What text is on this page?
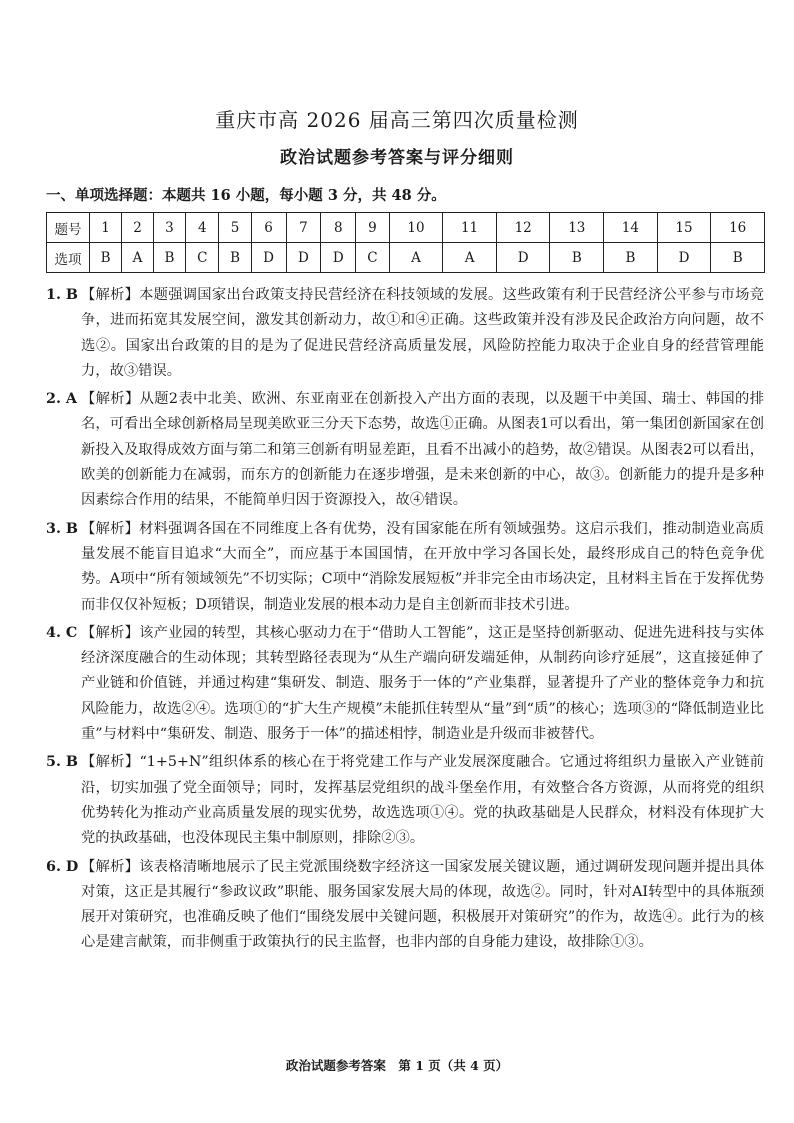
重庆市高 2026 届高三第四次质量检测
政治试题参考答案与评分细则
一、单项选择题：本题共 16 小题，每小题 3 分，共 48 分。
题号	1	2	3	4	5	6	7	8	9	10	11	12	13	14	15	16
选项	B	A	B	C	B	D	D	D	C	A	A	D	B	B	D	B
1. B 【解析】本题强调国家出台政策支持民营经济在科技领域的发展。这些政策有利于民营经济公平参与市场竞争，进而拓宽其发展空间，激发其创新动力，故①和④正确。这些政策并没有涉及民企政治方向问题，故不选②。国家出台政策的目的是为了促进民营经济高质量发展，风险防控能力取决于企业自身的经营管理能力，故③错误。
2. A 【解析】从题2表中北美、欧洲、东亚南亚在创新投入产出方面的表现，以及题干中美国、瑞士、韩国的排名，可看出全球创新格局呈现美欧亚三分天下态势，故选①正确。从图表1可以看出，第一集团创新国家在创新投入及取得成效方面与第二和第三创新有明显差距，且看不出减小的趋势，故②错误。从图表2可以看出，欧美的创新能力在减弱，而东方的创新能力在逐步增强，是未来创新的中心，故③。创新能力的提升是多种因素综合作用的结果，不能简单归因于资源投入，故④错误。
3. B 【解析】材料强调各国在不同维度上各有优势，没有国家能在所有领域强势。这启示我们，推动制造业高质量发展不能盲目追求“大而全”，而应基于本国国情，在开放中学习各国长处，最终形成自己的特色竞争优势。A项中“所有领域领先”不切实际；C项中“消除发展短板”并非完全由市场决定，且材料主旨在于发挥优势而非仅仅补短板；D项错误，制造业发展的根本动力是自主创新而非技术引进。
4. C 【解析】该产业园的转型，其核心驱动力在于“借助人工智能”，这正是坚持创新驱动、促进先进科技与实体经济深度融合的生动体现；其转型路径表现为“从生产端向研发端延伸，从制药向诊疗延展”，这直接延伸了产业链和价值链，并通过构建“集研发、制造、服务于一体的”产业集群，显著提升了产业的整体竞争力和抗风险能力，故选②④。选项①的“扩大生产规模”未能抓住转型从“量”到“质”的核心；选项③的“降低制造业比重”与材料中“集研发、制造、服务于一体”的描述相悖，制造业是升级而非被替代。
5. B 【解析】“1+5+N”组织体系的核心在于将党建工作与产业发展深度融合。它通过将组织力量嵌入产业链前沿，切实加强了党全面领导；同时，发挥基层党组织的战斗堡垒作用，有效整合各方资源，从而将党的组织优势转化为推动产业高质量发展的现实优势，故选选项①④。党的执政基础是人民群众，材料没有体现扩大党的执政基础，也没体现民主集中制原则，排除②③。
6. D 【解析】该表格清晰地展示了民主党派围绕数字经济这一国家发展关键议题，通过调研发现问题并提出具体对策，这正是其履行“参政议政”职能、服务国家发展大局的体现，故选②。同时，针对AI转型中的具体瓶颈展开对策研究，也准确反映了他们“围绕发展中关键问题，积极展开对策研究”的作为，故选④。此行为的核心是建言献策，而非侧重于政策执行的民主监督，也非内部的自身能力建设，故排除①③。
政治试题参考答案　第 1 页（共 4 页）
